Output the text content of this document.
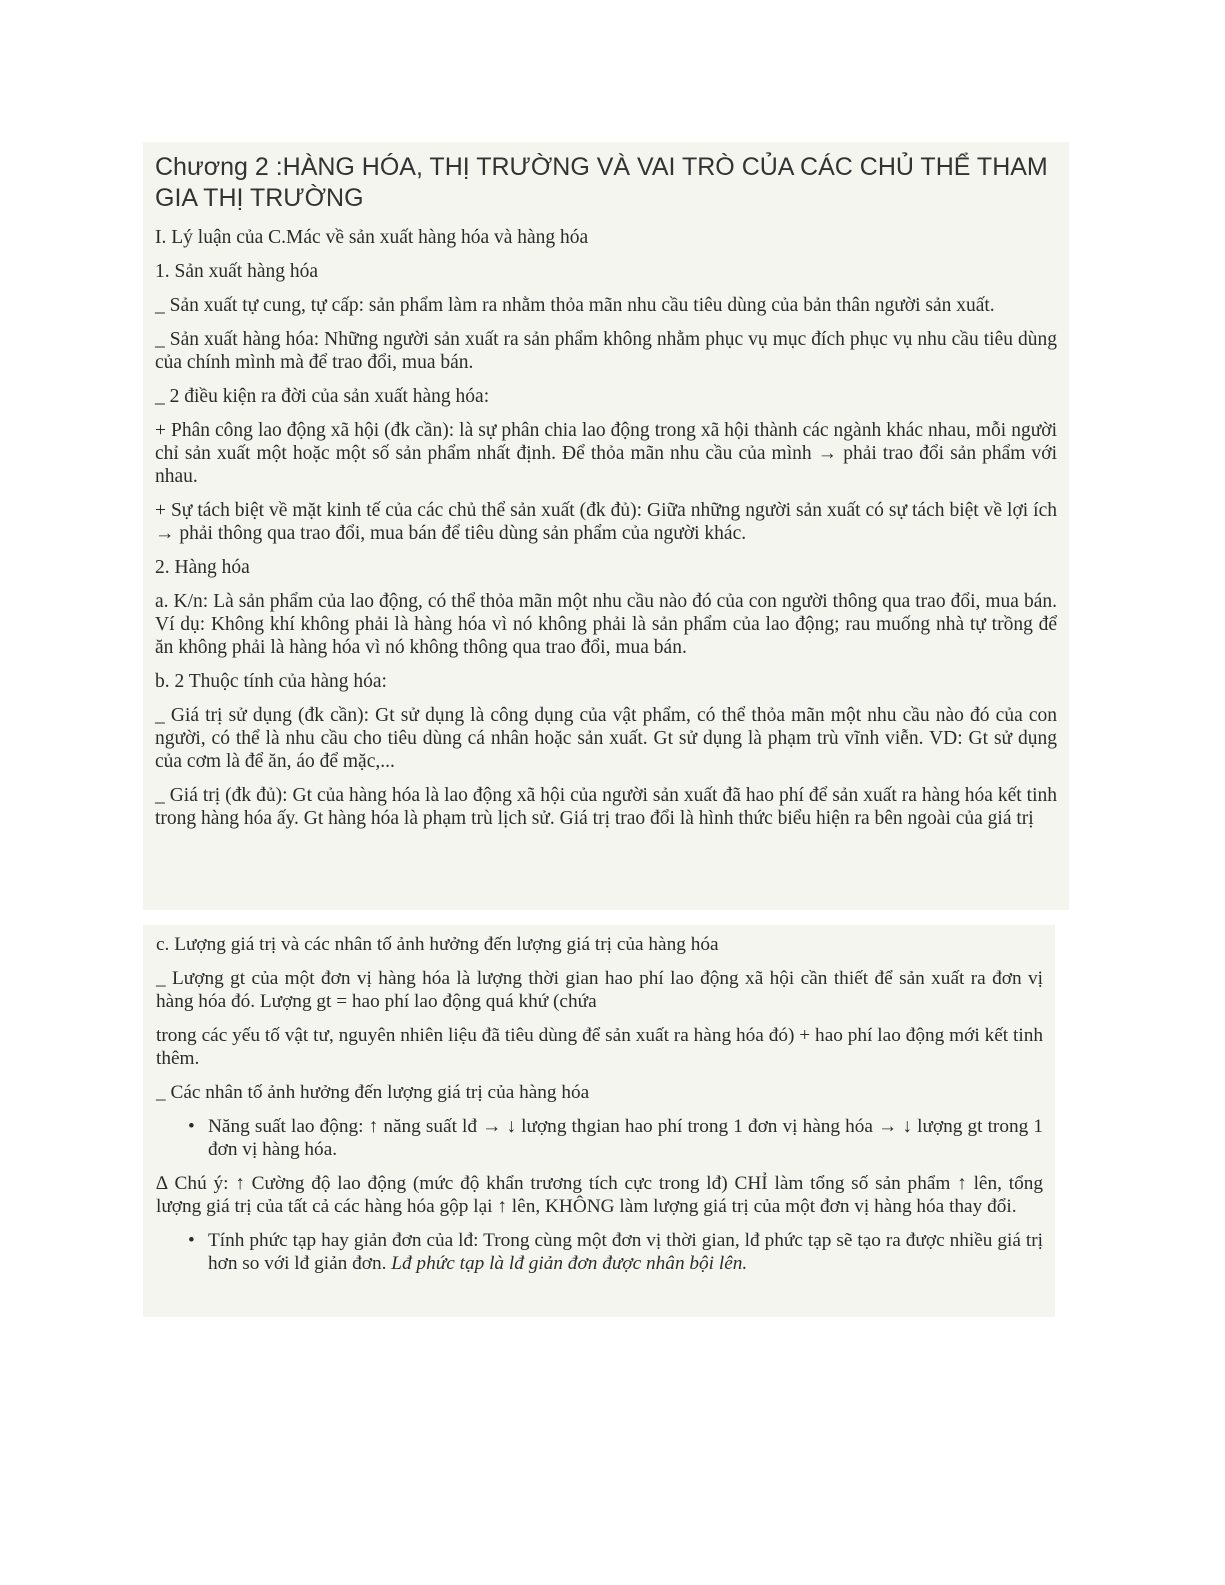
Chương 2 :HÀNG HÓA, THỊ TRƯỜNG VÀ VAI TRÒ CỦA CÁC CHỦ THỂ THAM GIA THỊ TRƯỜNG

I. Lý luận của C.Mác về sản xuất hàng hóa và hàng hóa

1. Sản xuất hàng hóa

_ Sản xuất tự cung, tự cấp: sản phẩm làm ra nhằm thỏa mãn nhu cầu tiêu dùng của bản thân người sản xuất.

_ Sản xuất hàng hóa: Những người sản xuất ra sản phẩm không nhằm phục vụ mục đích phục vụ nhu cầu tiêu dùng của chính mình mà để trao đổi, mua bán.

_ 2 điều kiện ra đời của sản xuất hàng hóa:

+ Phân công lao động xã hội (đk cần): là sự phân chia lao động trong xã hội thành các ngành khác nhau, mỗi người chỉ sản xuất một hoặc một số sản phẩm nhất định. Để thỏa mãn nhu cầu của mình → phải trao đổi sản phẩm với nhau.

+ Sự tách biệt về mặt kinh tế của các chủ thể sản xuất (đk đủ): Giữa những người sản xuất có sự tách biệt về lợi ích → phải thông qua trao đổi, mua bán để tiêu dùng sản phẩm của người khác.

2. Hàng hóa

a. K/n: Là sản phẩm của lao động, có thể thỏa mãn một nhu cầu nào đó của con người thông qua trao đổi, mua bán. Ví dụ: Không khí không phải là hàng hóa vì nó không phải là sản phẩm của lao động; rau muống nhà tự trồng để ăn không phải là hàng hóa vì nó không thông qua trao đổi, mua bán.

b. 2 Thuộc tính của hàng hóa:

_ Giá trị sử dụng (đk cần): Gt sử dụng là công dụng của vật phẩm, có thể thỏa mãn một nhu cầu nào đó của con người, có thể là nhu cầu cho tiêu dùng cá nhân hoặc sản xuất. Gt sử dụng là phạm trù vĩnh viễn. VD: Gt sử dụng của cơm là để ăn, áo để mặc,...

_ Giá trị (đk đủ): Gt của hàng hóa là lao động xã hội của người sản xuất đã hao phí để sản xuất ra hàng hóa kết tinh trong hàng hóa ấy. Gt hàng hóa là phạm trù lịch sử. Giá trị trao đổi là hình thức biểu hiện ra bên ngoài của giá trị

c. Lượng giá trị và các nhân tố ảnh hưởng đến lượng giá trị của hàng hóa

_ Lượng gt của một đơn vị hàng hóa là lượng thời gian hao phí lao động xã hội cần thiết để sản xuất ra đơn vị hàng hóa đó. Lượng gt = hao phí lao động quá khứ (chứa

trong các yếu tố vật tư, nguyên nhiên liệu đã tiêu dùng để sản xuất ra hàng hóa đó) + hao phí lao động mới kết tinh thêm.

_ Các nhân tố ảnh hưởng đến lượng giá trị của hàng hóa

• Năng suất lao động: ↑ năng suất lđ → ↓ lượng thgian hao phí trong 1 đơn vị hàng hóa → ↓ lượng gt trong 1 đơn vị hàng hóa.

∆ Chú ý: ↑ Cường độ lao động (mức độ khẩn trương tích cực trong lđ) CHỈ làm tổng số sản phẩm ↑ lên, tổng lượng giá trị của tất cả các hàng hóa gộp lại ↑ lên, KHÔNG làm lượng giá trị của một đơn vị hàng hóa thay đổi.

• Tính phức tạp hay giản đơn của lđ: Trong cùng một đơn vị thời gian, lđ phức tạp sẽ tạo ra được nhiều giá trị hơn so với lđ giản đơn. Lđ phức tạp là lđ giản đơn được nhân bội lên.
